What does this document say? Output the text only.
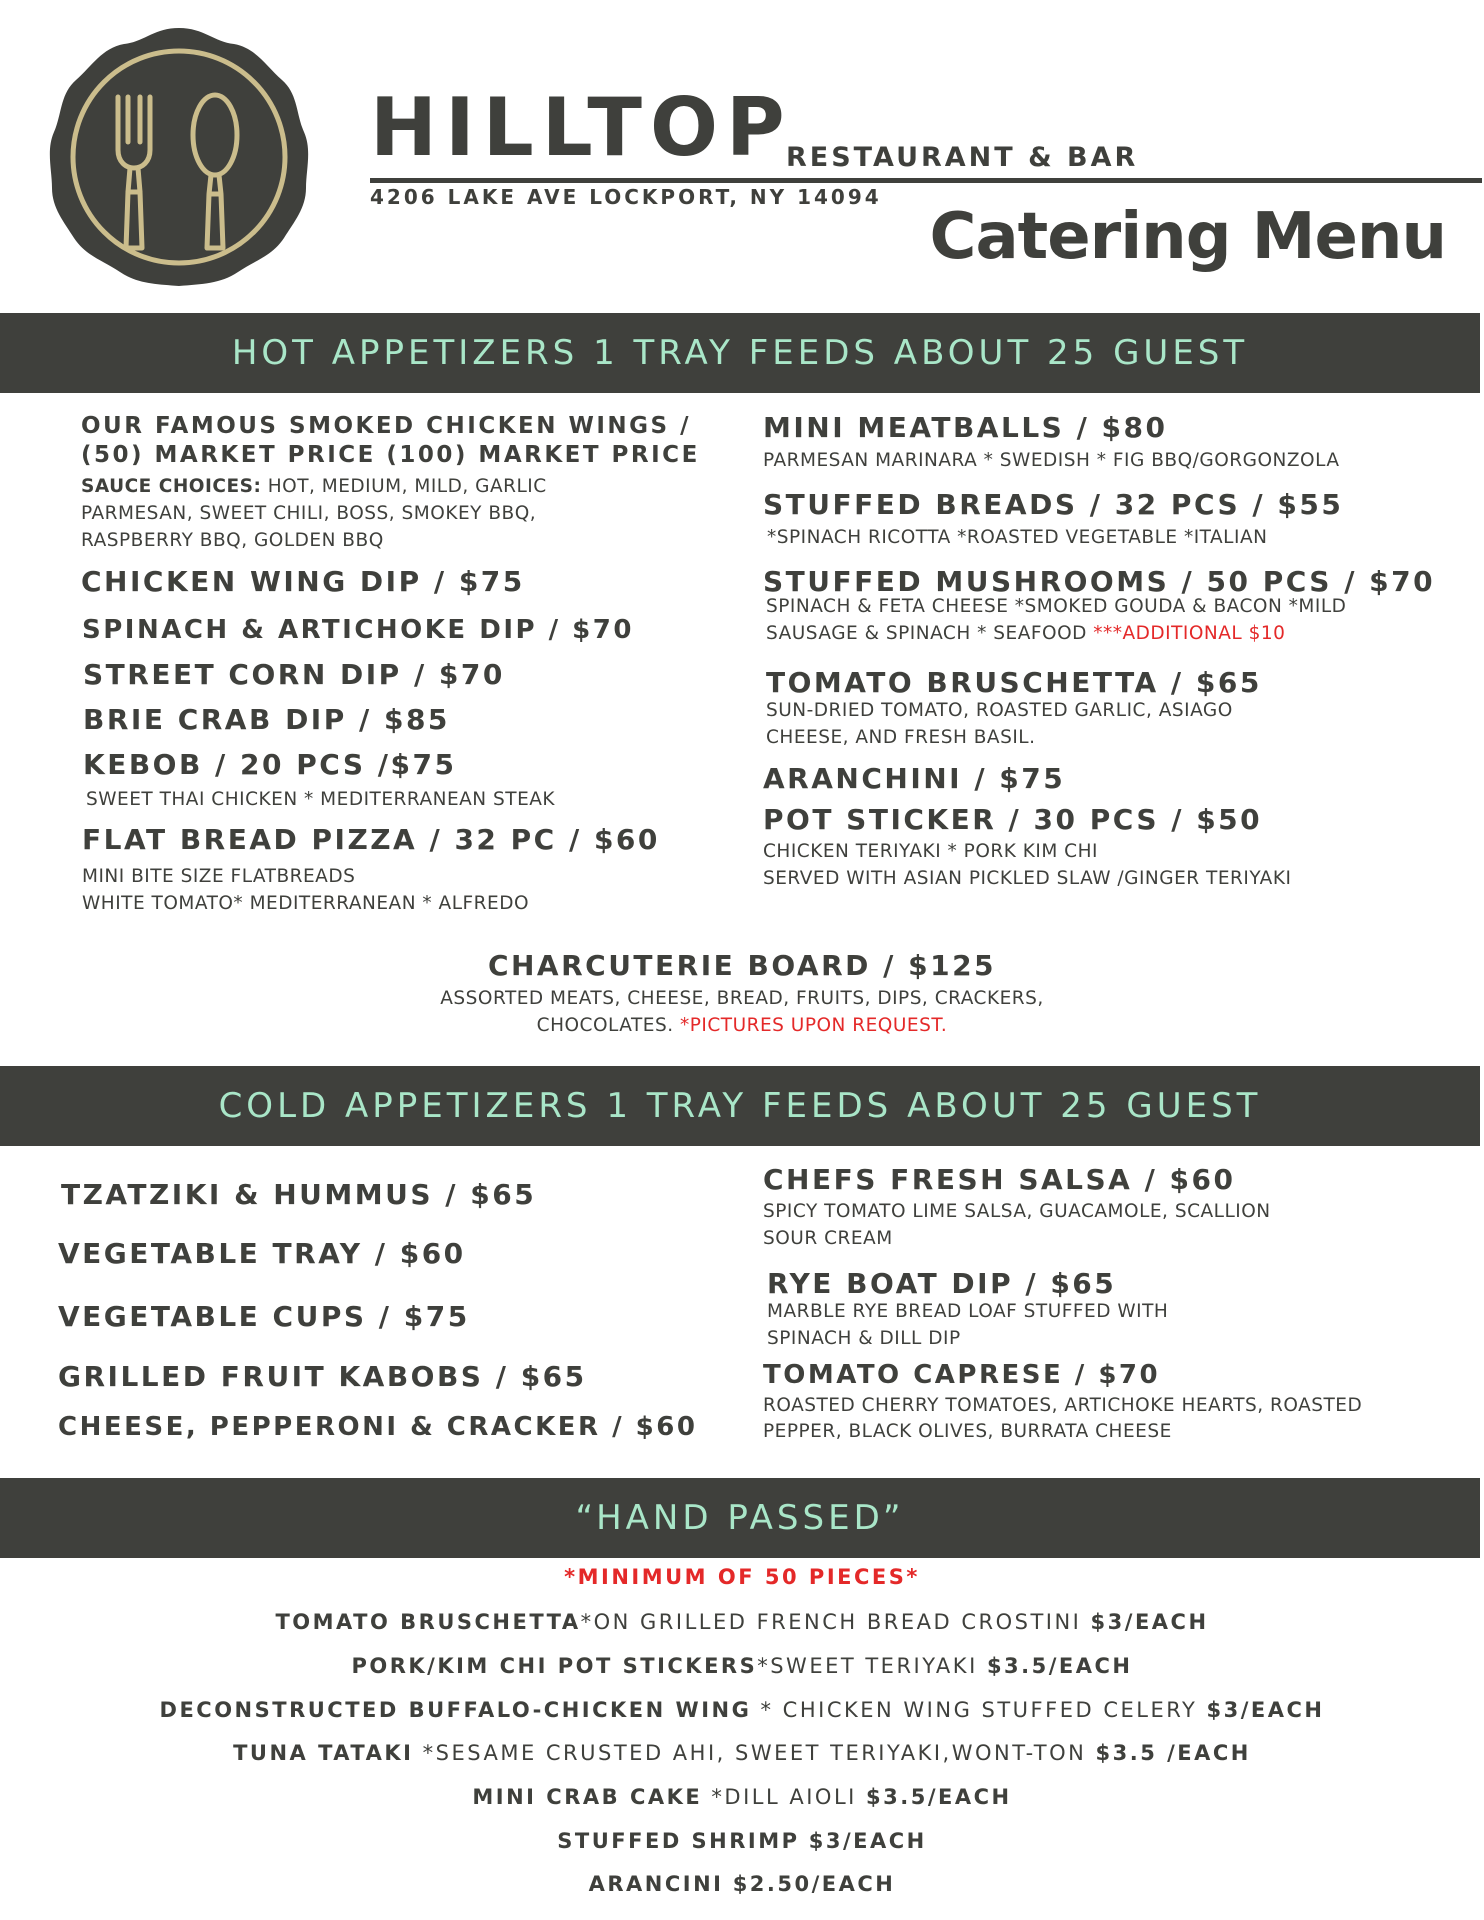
HILLTOP
RESTAURANT & BAR
4206 LAKE AVE LOCKPORT, NY 14094
Catering Menu
HOT APPETIZERS 1 TRAY FEEDS ABOUT 25 GUEST
OUR FAMOUS SMOKED CHICKEN WINGS /
(50) MARKET PRICE (100) MARKET PRICE
SAUCE CHOICES: HOT, MEDIUM, MILD, GARLIC
PARMESAN, SWEET CHILI, BOSS, SMOKEY BBQ,
RASPBERRY BBQ, GOLDEN BBQ
CHICKEN WING DIP / $75
SPINACH & ARTICHOKE DIP / $70
STREET CORN DIP / $70
BRIE CRAB DIP / $85
KEBOB / 20 PCS /$75
SWEET THAI CHICKEN * MEDITERRANEAN STEAK
FLAT BREAD PIZZA / 32 PC / $60
MINI BITE SIZE FLATBREADS
WHITE TOMATO* MEDITERRANEAN * ALFREDO
MINI MEATBALLS / $80
PARMESAN MARINARA * SWEDISH * FIG BBQ/GORGONZOLA
STUFFED BREADS / 32 PCS / $55
*SPINACH RICOTTA *ROASTED VEGETABLE *ITALIAN
STUFFED MUSHROOMS / 50 PCS / $70
SPINACH & FETA CHEESE *SMOKED GOUDA & BACON *MILD
SAUSAGE & SPINACH * SEAFOOD ***ADDITIONAL $10
TOMATO BRUSCHETTA / $65
SUN-DRIED TOMATO, ROASTED GARLIC, ASIAGO
CHEESE, AND FRESH BASIL.
ARANCHINI / $75
POT STICKER / 30 PCS / $50
CHICKEN TERIYAKI * PORK KIM CHI
SERVED WITH ASIAN PICKLED SLAW /GINGER TERIYAKI
CHARCUTERIE BOARD / $125
ASSORTED MEATS, CHEESE, BREAD, FRUITS, DIPS, CRACKERS,
CHOCOLATES. *PICTURES UPON REQUEST.
COLD APPETIZERS 1 TRAY FEEDS ABOUT 25 GUEST
TZATZIKI & HUMMUS / $65
VEGETABLE TRAY / $60
VEGETABLE CUPS / $75
GRILLED FRUIT KABOBS / $65
CHEESE, PEPPERONI & CRACKER / $60
CHEFS FRESH SALSA / $60
SPICY TOMATO LIME SALSA, GUACAMOLE, SCALLION
SOUR CREAM
RYE BOAT DIP / $65
MARBLE RYE BREAD LOAF STUFFED WITH
SPINACH & DILL DIP
TOMATO CAPRESE / $70
ROASTED CHERRY TOMATOES, ARTICHOKE HEARTS, ROASTED
PEPPER, BLACK OLIVES, BURRATA CHEESE
“HAND PASSED”
*MINIMUM OF 50 PIECES*
TOMATO BRUSCHETTA*ON GRILLED FRENCH BREAD CROSTINI $3/EACH
PORK/KIM CHI POT STICKERS*SWEET TERIYAKI $3.5/EACH
DECONSTRUCTED BUFFALO-CHICKEN WING * CHICKEN WING STUFFED CELERY $3/EACH
TUNA TATAKI *SESAME CRUSTED AHI, SWEET TERIYAKI,WONT-TON $3.5 /EACH
MINI CRAB CAKE *DILL AIOLI $3.5/EACH
STUFFED SHRIMP $3/EACH
ARANCINI $2.50/EACH
